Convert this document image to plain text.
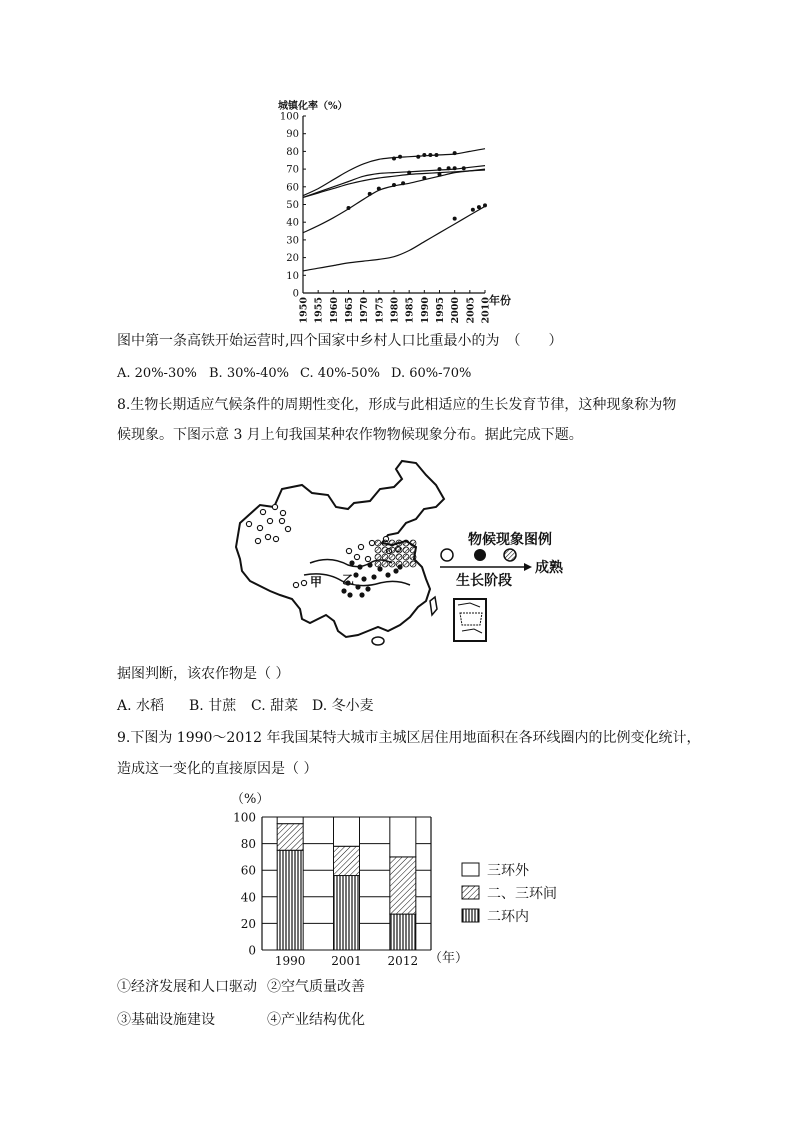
城镇化率（%）
0
10
20
30
40
50
60
70
80
90
100
1950 1955 1960 1965 1970 1975 1980 1985 1990 1995 2000 2005 2010
年份
图中第一条高铁开始运营时,四个国家中乡村人口比重最小的为　（　　）
A. 20%-30% B. 30%-40% C. 40%-50% D. 60%-70%
8.生物长期适应气候条件的周期性变化，形成与此相适应的生长发育节律，这种现象称为物
候现象。下图示意 3 月上旬我国某种农作物物候现象分布。据此完成下题。
甲 乙
物候现象图例
成熟
生长阶段
据图判断，该农作物是（ ）
A. 水稻 B. 甘蔗 C. 甜菜 D. 冬小麦
9.下图为 1990～2012 年我国某特大城市主城区居住用地面积在各环线圈内的比例变化统计，
造成这一变化的直接原因是（ ）
（%）
0
20
40
60
80
100
1990 2001 2012 （年）
三环外
二、三环间
二环内
①经济发展和人口驱动 ②空气质量改善
③基础设施建设	④产业结构优化
